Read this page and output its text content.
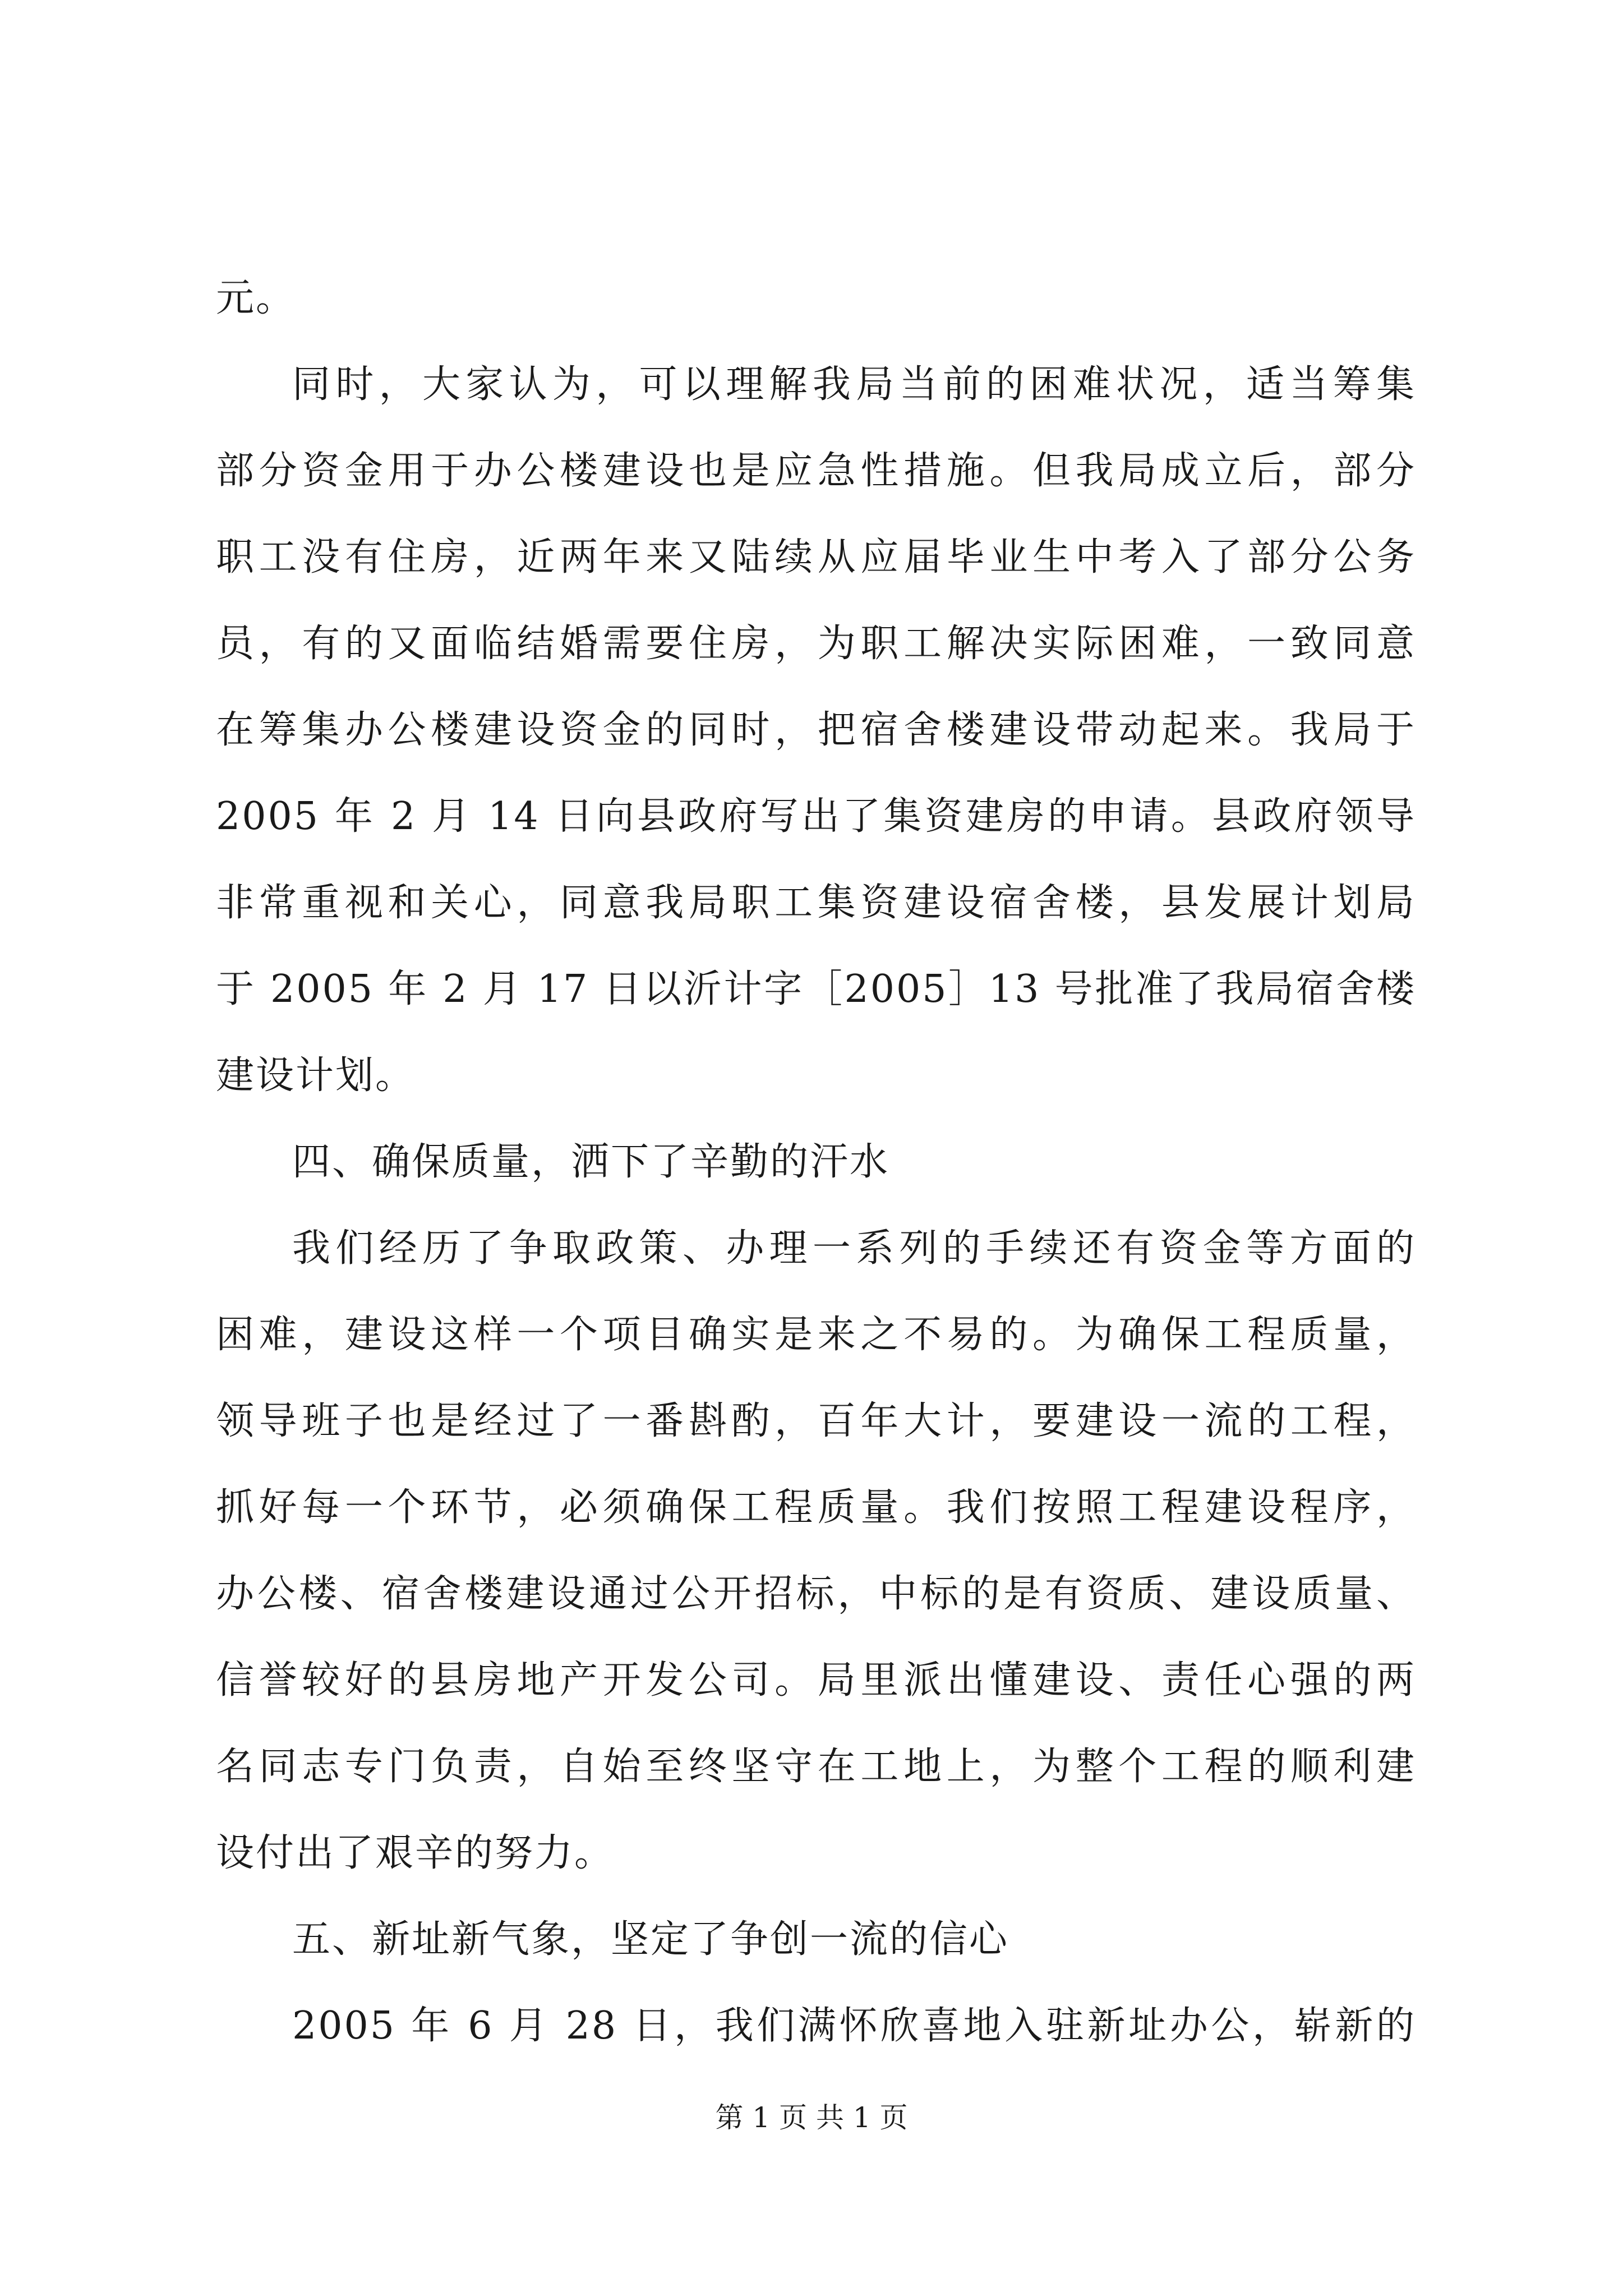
元。
同时，大家认为，可以理解我局当前的困难状况，适当筹集
部分资金用于办公楼建设也是应急性措施。但我局成立后，部分
职工没有住房，近两年来又陆续从应届毕业生中考入了部分公务
员，有的又面临结婚需要住房，为职工解决实际困难，一致同意
在筹集办公楼建设资金的同时，把宿舍楼建设带动起来。我局于
2005 年 2 月 14 日向县政府写出了集资建房的申请。县政府领导
非常重视和关心，同意我局职工集资建设宿舍楼，县发展计划局
于 2005 年 2 月 17 日以沂计字［2005］13 号批准了我局宿舍楼
建设计划。
四、确保质量，洒下了辛勤的汗水
我们经历了争取政策、办理一系列的手续还有资金等方面的
困难，建设这样一个项目确实是来之不易的。为确保工程质量，
领导班子也是经过了一番斟酌，百年大计，要建设一流的工程，
抓好每一个环节，必须确保工程质量。我们按照工程建设程序，
办公楼、宿舍楼建设通过公开招标，中标的是有资质、建设质量、
信誉较好的县房地产开发公司。局里派出懂建设、责任心强的两
名同志专门负责，自始至终坚守在工地上，为整个工程的顺利建
设付出了艰辛的努力。
五、新址新气象，坚定了争创一流的信心
2005 年 6 月 28 日，我们满怀欣喜地入驻新址办公，崭新的
第 1 页 共 1 页
